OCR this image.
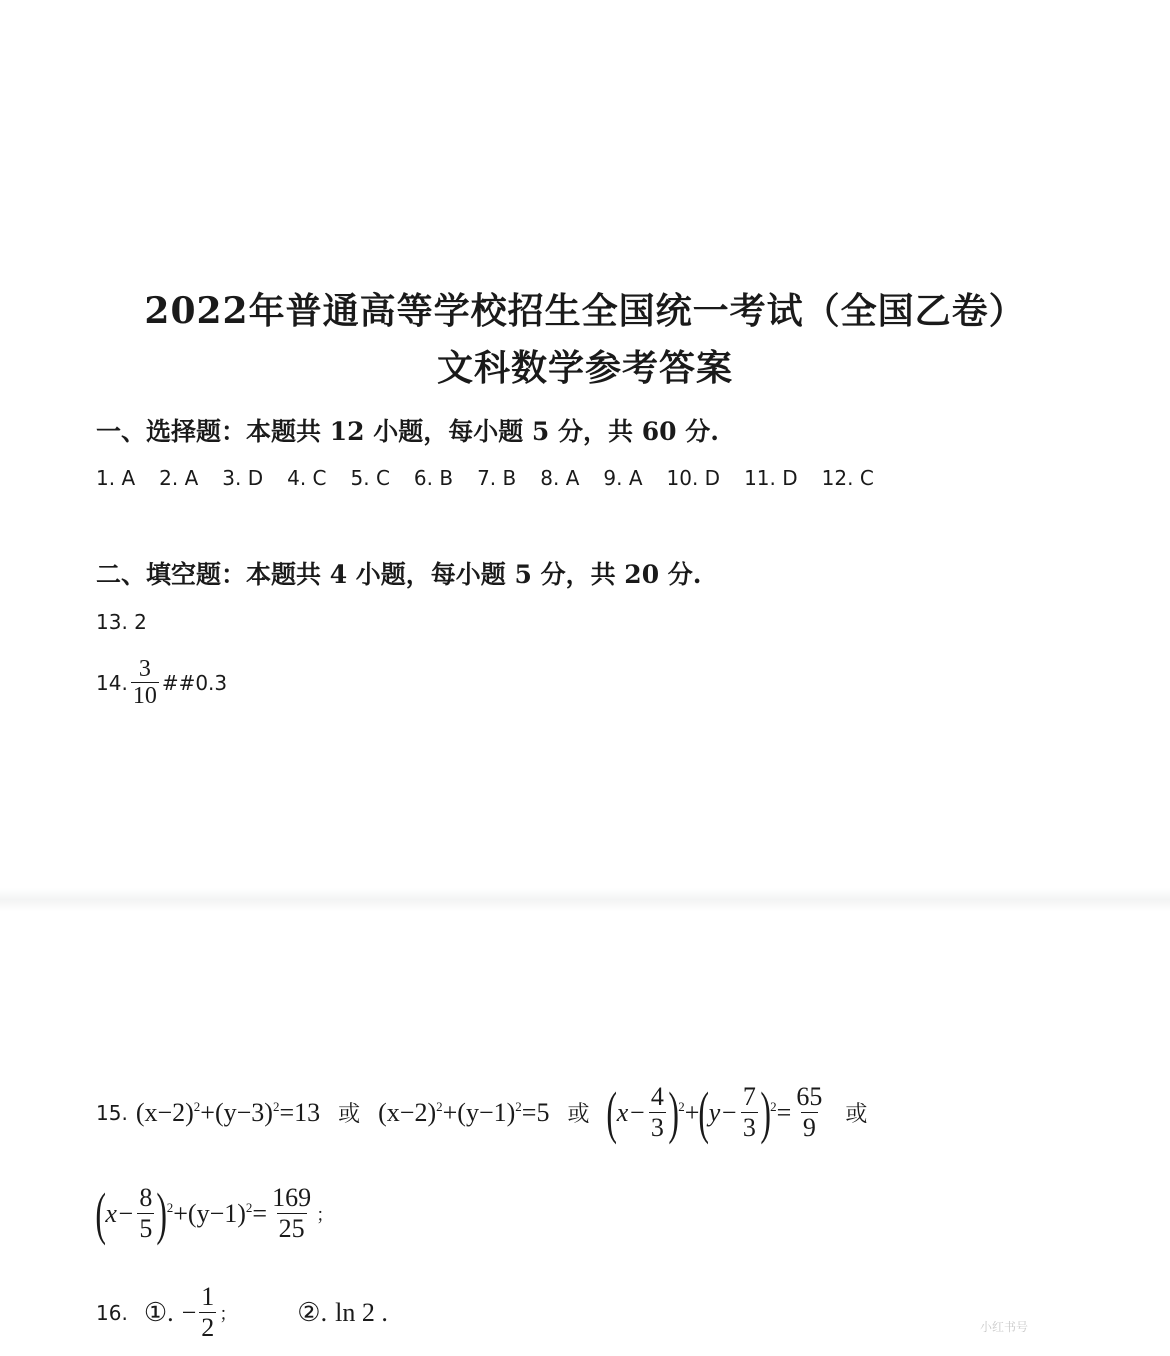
2022年普通高等学校招生全国统一考试（全国乙卷）
文科数学参考答案
一、选择题：本题共 12 小题，每小题 5 分，共 60 分.
1. A 2. A 3. D 4. C 5. C 6. B 7. B 8. A 9. A 10. D 11. D 12. C
二、填空题：本题共 4 小题，每小题 5 分，共 20 分.
13. 2
14. $\frac{3}{10}$ ##0.3
15. $(x-2)^2 +(y-3)^2 =13$ 或 $(x-2)^2 +(y-1)^2 =5$ 或 ( $x- \frac{4}{3} )^2$ + ( $y- \frac{7}{3} )^2 = \frac{65}{9}$ 或
( $x- \frac{8}{5} )^2 +(y-1)^2 = \frac{169}{25}$ ；
16. ①. − $\frac{1}{2}$ ； ②. ln 2 .
小红书号
